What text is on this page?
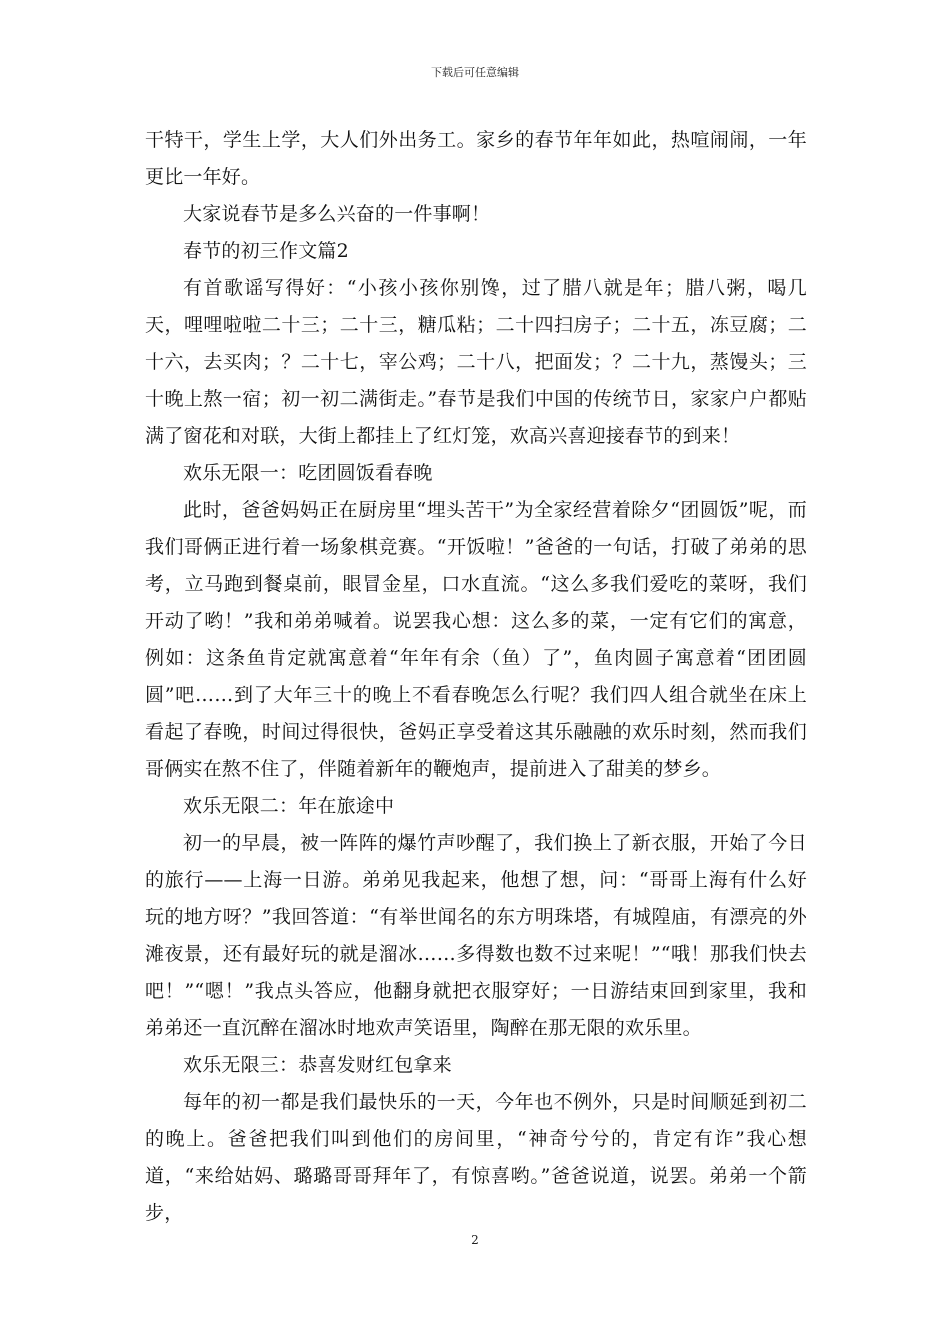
下载后可任意编辑

干特干，学生上学，大人们外出务工。家乡的春节年年如此，热喧闹闹，一年更比一年好。

大家说春节是多么兴奋的一件事啊！

春节的初三作文篇2

有首歌谣写得好：“小孩小孩你别馋，过了腊八就是年；腊八粥，喝几天，哩哩啦啦二十三；二十三，糖瓜粘；二十四扫房子；二十五，冻豆腐；二十六，去买肉；？二十七，宰公鸡；二十八，把面发；？二十九，蒸馒头；三十晚上熬一宿；初一初二满街走。”春节是我们中国的传统节日，家家户户都贴满了窗花和对联，大街上都挂上了红灯笼，欢高兴喜迎接春节的到来！

欢乐无限一：吃团圆饭看春晚

此时，爸爸妈妈正在厨房里“埋头苦干”为全家经营着除夕“团圆饭”呢，而我们哥俩正进行着一场象棋竞赛。“开饭啦！”爸爸的一句话，打破了弟弟的思考，立马跑到餐桌前，眼冒金星，口水直流。“这么多我们爱吃的菜呀，我们开动了哟！”我和弟弟喊着。说罢我心想：这么多的菜，一定有它们的寓意，例如：这条鱼肯定就寓意着“年年有余（鱼）了”，鱼肉圆子寓意着“团团圆圆”吧……到了大年三十的晚上不看春晚怎么行呢？我们四人组合就坐在床上看起了春晚，时间过得很快，爸妈正享受着这其乐融融的欢乐时刻，然而我们哥俩实在熬不住了，伴随着新年的鞭炮声，提前进入了甜美的梦乡。

欢乐无限二：年在旅途中

初一的早晨，被一阵阵的爆竹声吵醒了，我们换上了新衣服，开始了今日的旅行——上海一日游。弟弟见我起来，他想了想，问：“哥哥上海有什么好玩的地方呀？”我回答道：“有举世闻名的东方明珠塔，有城隍庙，有漂亮的外滩夜景，还有最好玩的就是溜冰……多得数也数不过来呢！”“哦！那我们快去吧！”“嗯！”我点头答应，他翻身就把衣服穿好；一日游结束回到家里，我和弟弟还一直沉醉在溜冰时地欢声笑语里，陶醉在那无限的欢乐里。

欢乐无限三：恭喜发财红包拿来

每年的初一都是我们最快乐的一天，今年也不例外，只是时间顺延到初二的晚上。爸爸把我们叫到他们的房间里，“神奇兮兮的，肯定有诈”我心想道，“来给姑妈、璐璐哥哥拜年了，有惊喜哟。”爸爸说道，说罢。弟弟一个箭步，

2
